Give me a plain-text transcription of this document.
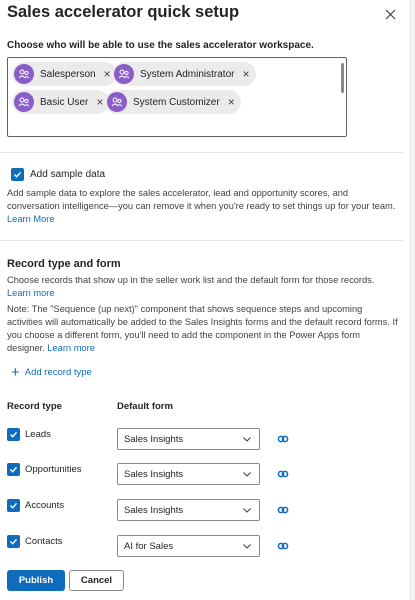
Sales accelerator quick setup
Choose who will be able to use the sales accelerator workspace.
Salesperson ×	System Administrator ×
Basic User ×	System Customizer ×
Add sample data
Add sample data to explore the sales accelerator, lead and opportunity scores, and conversation intelligence—you can remove it when you're ready to set things up for your team. Learn More
Record type and form
Choose records that show up in the seller work list and the default form for those records. Learn more
Note: The "Sequence (up next)" component that shows sequence steps and upcoming activities will automatically be added to the Sales Insights forms and the default record forms. If you choose a different form, you'll need to add the component in the Power Apps form designer. Learn more
+ Add record type
Record type	Default form
Leads	Sales Insights
Opportunities	Sales Insights
Accounts	Sales Insights
Contacts	AI for Sales
Publish	Cancel
